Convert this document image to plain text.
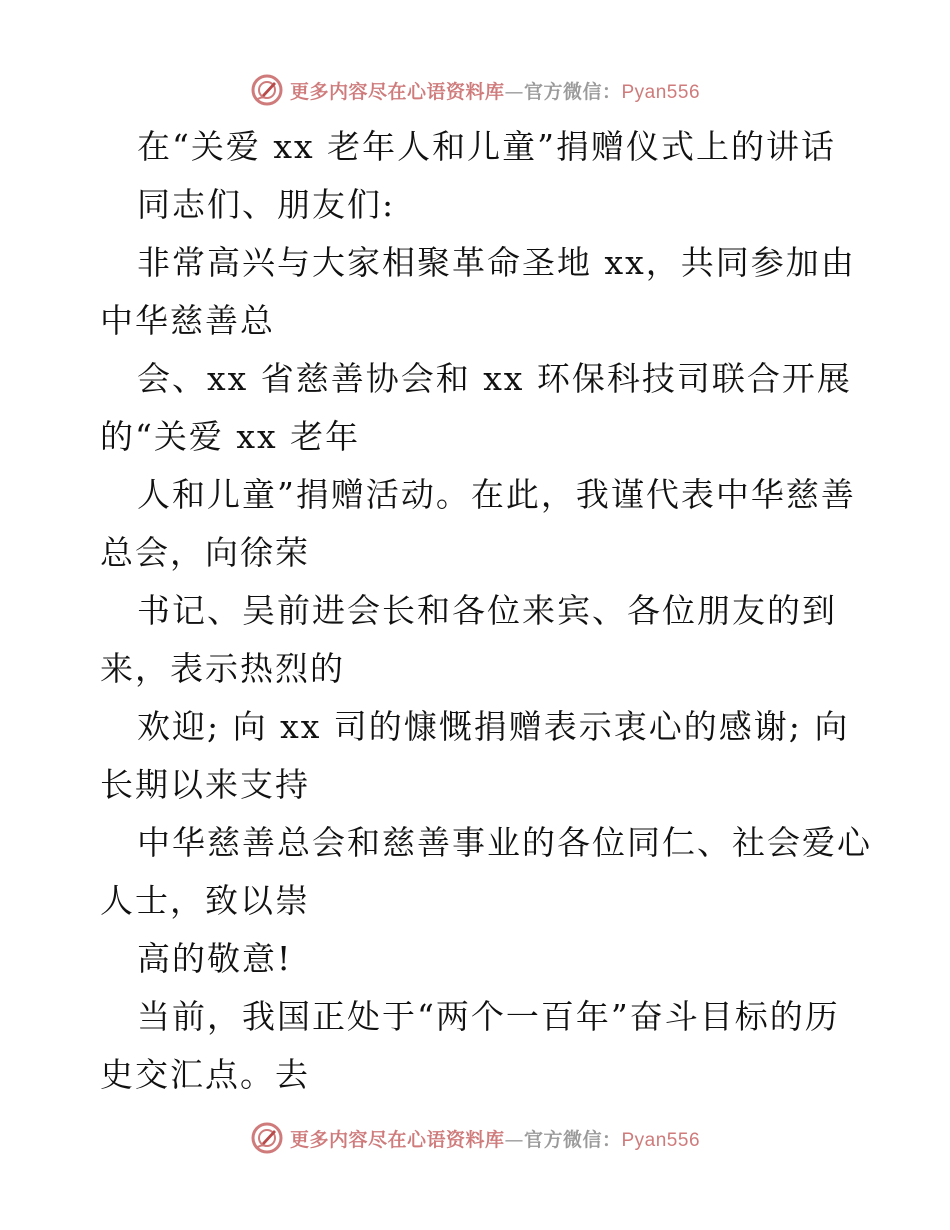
更多内容尽在心语资料库—官方微信：Pyan556
在“关爱 xx 老年人和儿童”捐赠仪式上的讲话
同志们、朋友们:
非常高兴与大家相聚革命圣地 xx，共同参加由
中华慈善总
会、xx 省慈善协会和 xx 环保科技司联合开展
的“关爱 xx 老年
人和儿童”捐赠活动。在此，我谨代表中华慈善
总会，向徐荣
书记、吴前进会长和各位来宾、各位朋友的到
来，表示热烈的
欢迎; 向 xx 司的慷慨捐赠表示衷心的感谢; 向
长期以来支持
中华慈善总会和慈善事业的各位同仁、社会爱心
人士，致以崇
高的敬意!
当前，我国正处于“两个一百年”奋斗目标的历
史交汇点。去
更多内容尽在心语资料库—官方微信：Pyan556
